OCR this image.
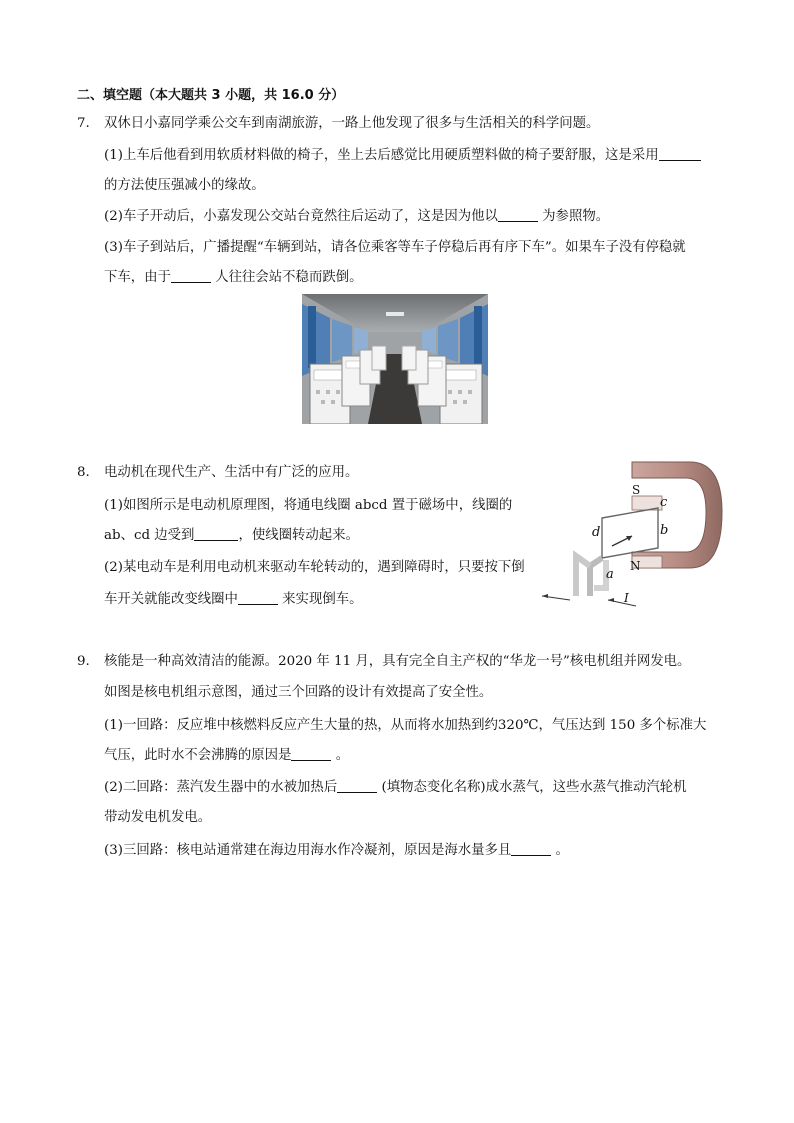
二、填空题（本大题共 3 小题，共 16.0 分）
7. 双休日小嘉同学乘公交车到南湖旅游，一路上他发现了很多与生活相关的科学问题。
(1)上车后他看到用软质材料做的椅子，坐上去后感觉比用硬质塑料做的椅子要舒服，这是采用
的方法使压强减小的缘故。
(2)车子开动后，小嘉发现公交站台竟然往后运动了，这是因为他以	为参照物。
(3)车子到站后，广播提醒“车辆到站，请各位乘客等车子停稳后再有序下车”。如果车子没有停稳就
下车，由于	人往往会站不稳而跌倒。
8. 电动机在现代生产、生活中有广泛的应用。
(1)如图所示是电动机原理图，将通电线圈 abcd 置于磁场中，线圈的
ab、cd 边受到	，使线圈转动起来。
(2)某电动车是利用电动机来驱动车轮转动的，遇到障碍时，只要按下倒
车开关就能改变线圈中	来实现倒车。
S
c
b
d
N
a
I
9. 核能是一种高效清洁的能源。2020 年 11 月，具有完全自主产权的“华龙一号”核电机组并网发电。
如图是核电机组示意图，通过三个回路的设计有效提高了安全性。
(1)一回路：反应堆中核燃料反应产生大量的热，从而将水加热到约320℃，气压达到 150 多个标准大
气压，此时水不会沸腾的原因是	。
(2)二回路：蒸汽发生器中的水被加热后	(填物态变化名称)成水蒸气，这些水蒸气推动汽轮机
带动发电机发电。
(3)三回路：核电站通常建在海边用海水作冷凝剂，原因是海水量多且	。
